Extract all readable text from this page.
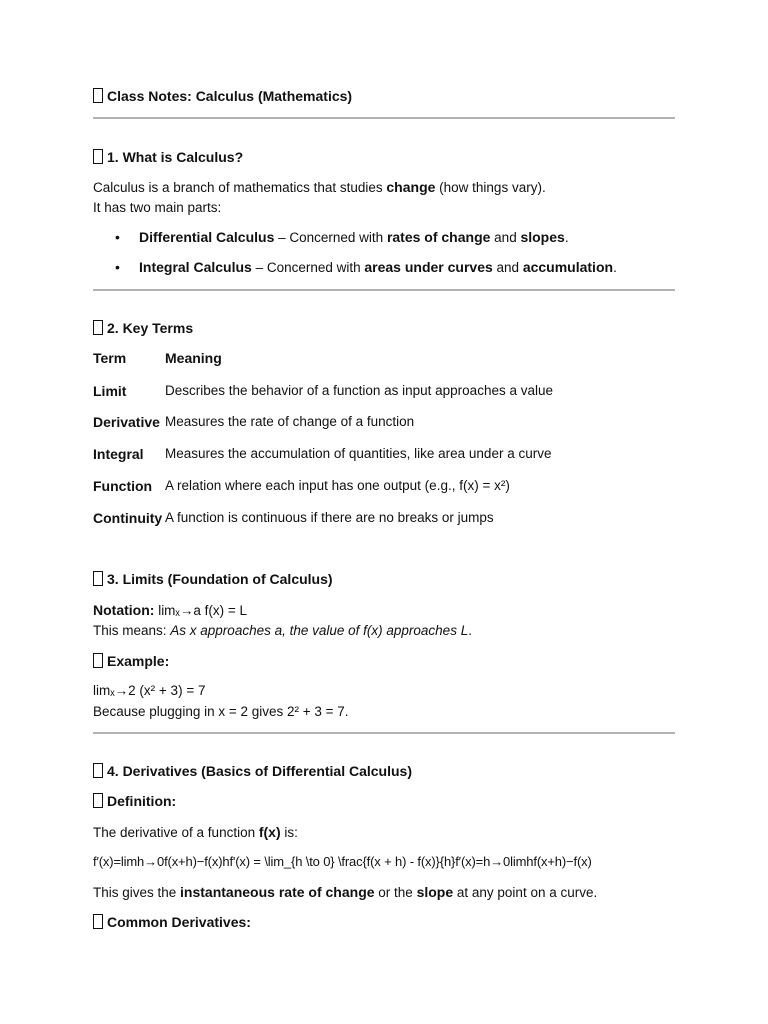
Class Notes: Calculus (Mathematics)
1. What is Calculus?
Calculus is a branch of mathematics that studies change (how things vary).
It has two main parts:
• Differential Calculus – Concerned with rates of change and slopes.
• Integral Calculus – Concerned with areas under curves and accumulation.
2. Key Terms
Term	Meaning
Limit	Describes the behavior of a function as input approaches a value
Derivative Measures the rate of change of a function
Integral Measures the accumulation of quantities, like area under a curve
Function A relation where each input has one output (e.g., f(x) = x²)
Continuity A function is continuous if there are no breaks or jumps
3. Limits (Foundation of Calculus)
Notation: limₓ→a f(x) = L
This means: As x approaches a, the value of f(x) approaches L.
Example:
limₓ→2 (x² + 3) = 7
Because plugging in x = 2 gives 2² + 3 = 7.
4. Derivatives (Basics of Differential Calculus)
Definition:
The derivative of a function f(x) is:
f′(x)=limh→0f(x+h)−f(x)hf'(x) = \lim_{h \to 0} \frac{f(x + h) - f(x)}{h}f′(x)=h→0limhf(x+h)−f(x)
This gives the instantaneous rate of change or the slope at any point on a curve.
Common Derivatives:
